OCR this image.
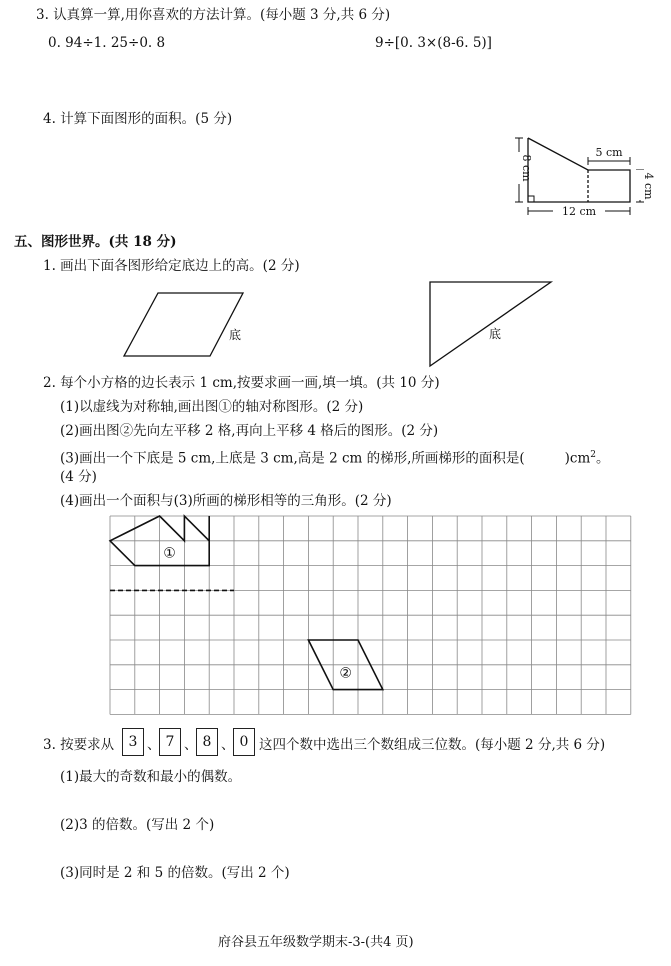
3. 认真算一算,用你喜欢的方法计算。(每小题 3 分,共 6 分)
0. 94÷1. 25÷0. 8	9÷[0. 3×(8-6. 5)]
4. 计算下面图形的面积。(5 分)
5 cm
12 cm
8 cm
4 cm
五、图形世界。(共 18 分)
1. 画出下面各图形给定底边上的高。(2 分)
底	底
2. 每个小方格的边长表示 1 cm,按要求画一画,填一填。(共 10 分)
(1)以虚线为对称轴,画出图①的轴对称图形。(2 分)
(2)画出图②先向左平移 2 格,再向上平移 4 格后的图形。(2 分)
(3)画出一个下底是 5 cm,上底是 3 cm,高是 2 cm 的梯形,所画梯形的面积是(	)$cm^2$。
(4 分)
(4)画出一个面积与(3)所画的梯形相等的三角形。(2 分)
①
②
3. 按要求从	3 、 7 、 8 、 0 这四个数中选出三个数组成三位数。(每小题 2 分,共 6 分)
(1)最大的奇数和最小的偶数。
(2)3 的倍数。(写出 2 个)
(3)同时是 2 和 5 的倍数。(写出 2 个)
府谷县五年级数学期末-3-(共4 页)
